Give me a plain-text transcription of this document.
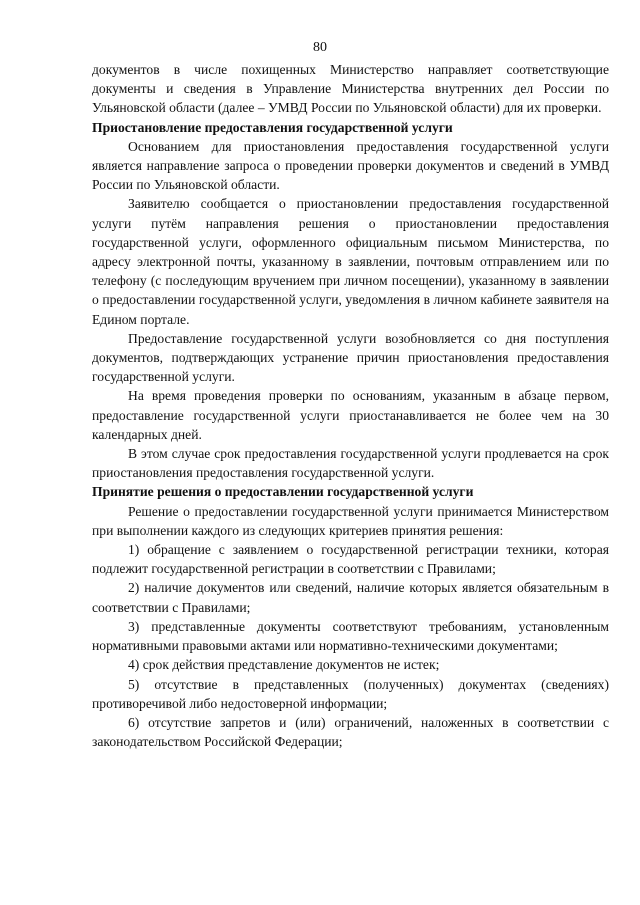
80

документов в числе похищенных Министерство направляет соответствующие документы и сведения в Управление Министерства внутренних дел России по Ульяновской области (далее – УМВД России по Ульяновской области) для их проверки.

Приостановление предоставления государственной услуги

Основанием для приостановления предоставления государственной услуги является направление запроса о проведении проверки документов и сведений в УМВД России по Ульяновской области.

Заявителю сообщается о приостановлении предоставления государственной услуги путём направления решения о приостановлении предоставления государственной услуги, оформленного официальным письмом Министерства, по адресу электронной почты, указанному в заявлении, почтовым отправлением или по телефону (с последующим вручением при личном посещении), указанному в заявлении о предоставлении государственной услуги, уведомления в личном кабинете заявителя на Едином портале.

Предоставление государственной услуги возобновляется со дня поступления документов, подтверждающих устранение причин приостановления предоставления государственной услуги.

На время проведения проверки по основаниям, указанным в абзаце первом, предоставление государственной услуги приостанавливается не более чем на 30 календарных дней.

В этом случае срок предоставления государственной услуги продлевается на срок приостановления предоставления государственной услуги.

Принятие решения о предоставлении государственной услуги

Решение о предоставлении государственной услуги принимается Министерством при выполнении каждого из следующих критериев принятия решения:

1) обращение с заявлением о государственной регистрации техники, которая подлежит государственной регистрации в соответствии с Правилами;

2) наличие документов или сведений, наличие которых является обязательным в соответствии с Правилами;

3) представленные документы соответствуют требованиям, установленным нормативными правовыми актами или нормативно-техническими документами;

4) срок действия представление документов не истек;

5) отсутствие в представленных (полученных) документах (сведениях) противоречивой либо недостоверной информации;

6) отсутствие запретов и (или) ограничений, наложенных в соответствии с законодательством Российской Федерации;
